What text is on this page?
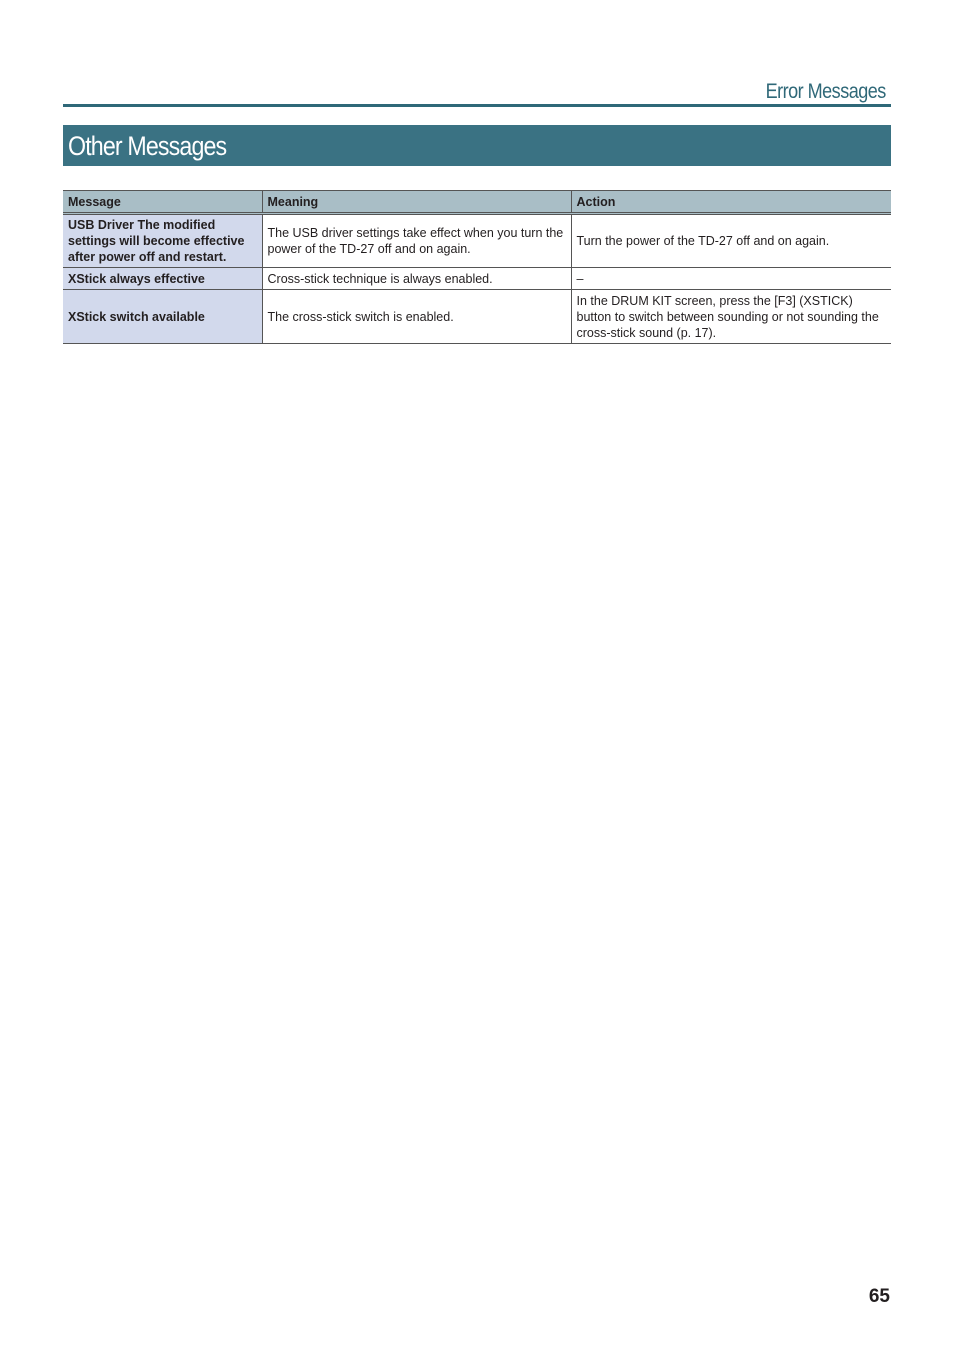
Error Messages
Other Messages
Message	Meaning	Action
USB Driver The modified settings will become effective after power off and restart.	The USB driver settings take effect when you turn the power of the TD-27 off and on again.	Turn the power of the TD-27 off and on again.
XStick always effective	Cross-stick technique is always enabled.	–
XStick switch available	The cross-stick switch is enabled.	In the DRUM KIT screen, press the [F3] (XSTICK) button to switch between sounding or not sounding the cross-stick sound (p. 17).
65
